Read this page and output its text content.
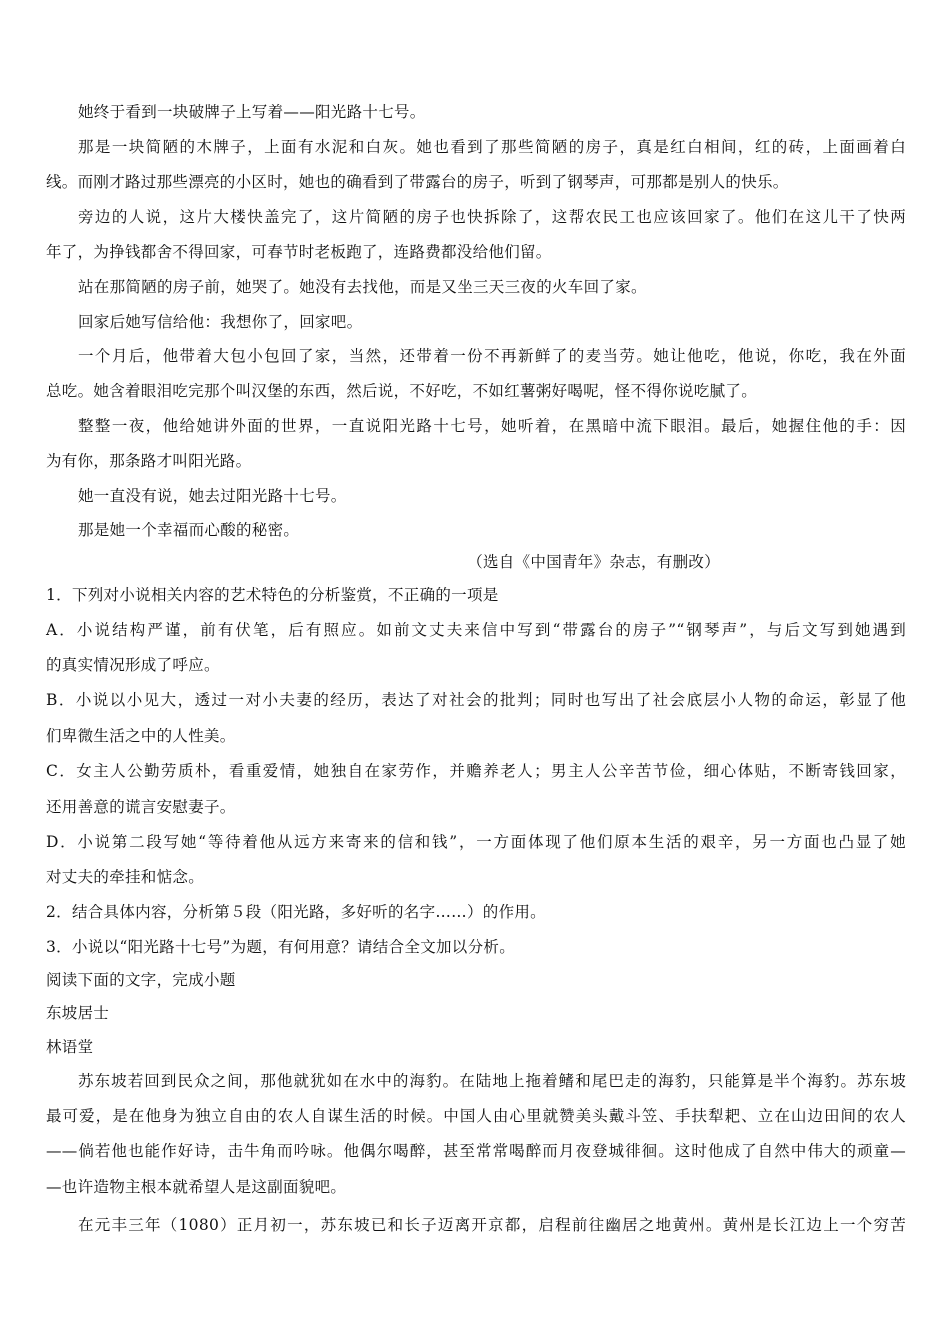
她终于看到一块破牌子上写着——阳光路十七号。
那是一块简陋的木牌子，上面有水泥和白灰。她也看到了那些简陋的房子，真是红白相间，红的砖，上面画着白
线。而刚才路过那些漂亮的小区时，她也的确看到了带露台的房子，听到了钢琴声，可那都是别人的快乐。
旁边的人说，这片大楼快盖完了，这片简陋的房子也快拆除了，这帮农民工也应该回家了。他们在这儿干了快两
年了，为挣钱都舍不得回家，可春节时老板跑了，连路费都没给他们留。
站在那简陋的房子前，她哭了。她没有去找他，而是又坐三天三夜的火车回了家。
回家后她写信给他：我想你了，回家吧。
一个月后，他带着大包小包回了家，当然，还带着一份不再新鲜了的麦当劳。她让他吃，他说，你吃，我在外面
总吃。她含着眼泪吃完那个叫汉堡的东西，然后说，不好吃，不如红薯粥好喝呢，怪不得你说吃腻了。
整整一夜，他给她讲外面的世界，一直说阳光路十七号，她听着，在黑暗中流下眼泪。最后，她握住他的手：因
为有你，那条路才叫阳光路。
她一直没有说，她去过阳光路十七号。
那是她一个幸福而心酸的秘密。
（选自《中国青年》杂志，有删改）
1．下列对小说相关内容的艺术特色的分析鉴赏，不正确的一项是
A．小说结构严谨，前有伏笔，后有照应。如前文丈夫来信中写到“带露台的房子”“钢琴声”，与后文写到她遇到
的真实情况形成了呼应。
B．小说以小见大，透过一对小夫妻的经历，表达了对社会的批判；同时也写出了社会底层小人物的命运，彰显了他
们卑微生活之中的人性美。
C．女主人公勤劳质朴，看重爱情，她独自在家劳作，并赡养老人；男主人公辛苦节俭，细心体贴，不断寄钱回家，
还用善意的谎言安慰妻子。
D．小说第二段写她“等待着他从远方来寄来的信和钱”，一方面体现了他们原本生活的艰辛，另一方面也凸显了她
对丈夫的牵挂和惦念。
2．结合具体内容，分析第５段（阳光路，多好听的名字……）的作用。
3．小说以“阳光路十七号”为题，有何用意？请结合全文加以分析。
阅读下面的文字，完成小题
东坡居士
林语堂
苏东坡若回到民众之间，那他就犹如在水中的海豹。在陆地上拖着鳍和尾巴走的海豹，只能算是半个海豹。苏东坡
最可爱，是在他身为独立自由的农人自谋生活的时候。中国人由心里就赞美头戴斗笠、手扶犁耙、立在山边田间的农人
——倘若他也能作好诗，击牛角而吟咏。他偶尔喝醉，甚至常常喝醉而月夜登城徘徊。这时他成了自然中伟大的顽童—
—也许造物主根本就希望人是这副面貌吧。
在元丰三年（1080）正月初一，苏东坡已和长子迈离开京都，启程前往幽居之地黄州。黄州是长江边上一个穷苦
